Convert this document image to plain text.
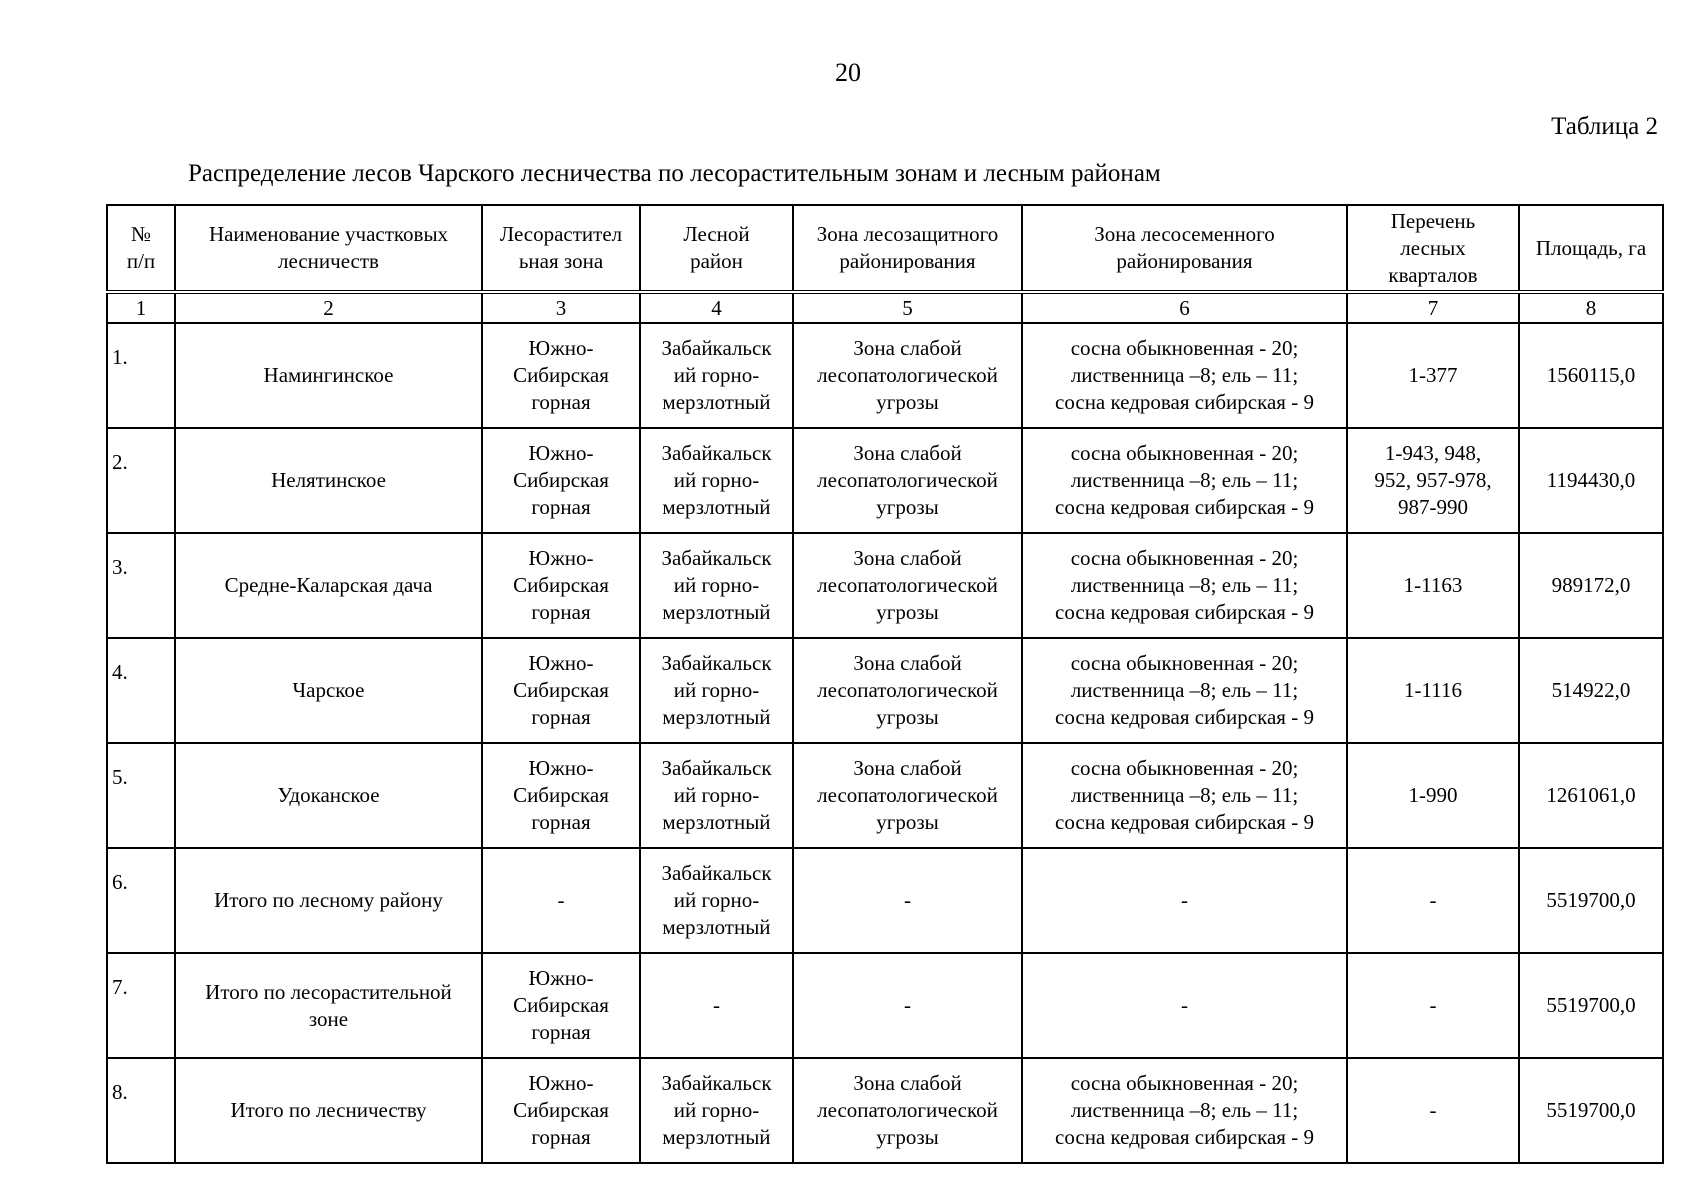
20
Таблица 2
Распределение лесов Чарского лесничества по лесорастительным зонам и лесным районам
№
п/п	Наименование участковых
лесничеств	Лесорастител
ьная зона	Лесной
район	Зона лесозащитного
районирования	Зона лесосеменного
районирования	Перечень
лесных
кварталов	Площадь, га

1	2	3	4	5	6	7	8

1.	Намингинское	Южно-
Сибирская
горная	Забайкальск
ий горно-
мерзлотный	Зона слабой
лесопатологической
угрозы	сосна обыкновенная - 20;
лиственница –8; ель – 11;
сосна кедровая сибирская - 9	1-377	1560115,0

2.	Нелятинское	Южно-
Сибирская
горная	Забайкальск
ий горно-
мерзлотный	Зона слабой
лесопатологической
угрозы	сосна обыкновенная - 20;
лиственница –8; ель – 11;
сосна кедровая сибирская - 9	1-943, 948,
952, 957-978,
987-990	1194430,0

3.	Средне-Каларская дача	Южно-
Сибирская
горная	Забайкальск
ий горно-
мерзлотный	Зона слабой
лесопатологической
угрозы	сосна обыкновенная - 20;
лиственница –8; ель – 11;
сосна кедровая сибирская - 9	1-1163	989172,0

4.	Чарское	Южно-
Сибирская
горная	Забайкальск
ий горно-
мерзлотный	Зона слабой
лесопатологической
угрозы	сосна обыкновенная - 20;
лиственница –8; ель – 11;
сосна кедровая сибирская - 9	1-1116	514922,0

5.	Удоканское	Южно-
Сибирская
горная	Забайкальск
ий горно-
мерзлотный	Зона слабой
лесопатологической
угрозы	сосна обыкновенная - 20;
лиственница –8; ель – 11;
сосна кедровая сибирская - 9	1-990	1261061,0

6.	Итого по лесному району	-	Забайкальск
ий горно-
мерзлотный	-	-	-	5519700,0

7.	Итого по лесорастительной
зоне	Южно-
Сибирская
горная	-	-	-	-	5519700,0

8.	Итого по лесничеству	Южно-
Сибирская
горная	Забайкальск
ий горно-
мерзлотный	Зона слабой
лесопатологической
угрозы	сосна обыкновенная - 20;
лиственница –8; ель – 11;
сосна кедровая сибирская - 9	-	5519700,0
